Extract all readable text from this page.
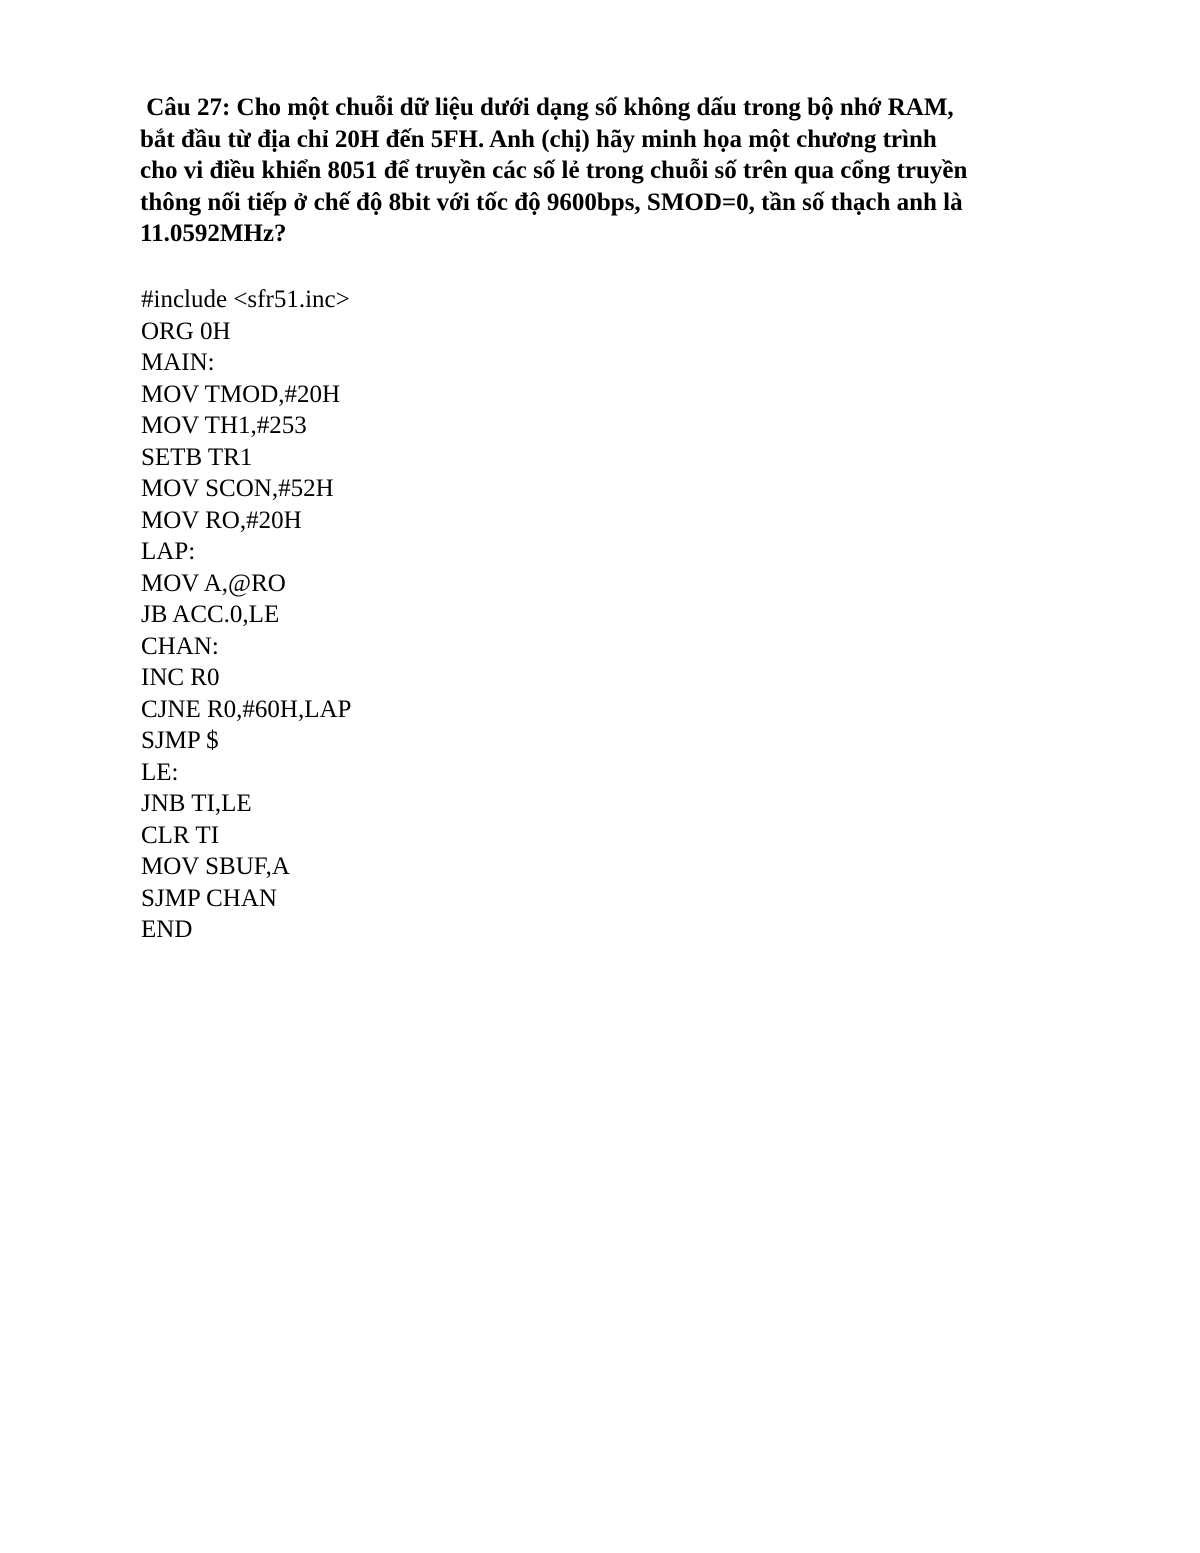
Câu 27: Cho một chuỗi dữ liệu dưới dạng số không dấu trong bộ nhớ RAM,
bắt đầu từ địa chỉ 20H đến 5FH. Anh (chị) hãy minh họa một chương trình
cho vi điều khiển 8051 để truyền các số lẻ trong chuỗi số trên qua cổng truyền
thông nối tiếp ở chế độ 8bit với tốc độ 9600bps, SMOD=0, tần số thạch anh là
11.0592MHz?
#include <sfr51.inc>
ORG 0H
MAIN:
MOV TMOD,#20H
MOV TH1,#253
SETB TR1
MOV SCON,#52H
MOV RO,#20H
LAP:
MOV A,@RO
JB ACC.0,LE
CHAN:
INC R0
CJNE R0,#60H,LAP
SJMP $
LE:
JNB TI,LE
CLR TI
MOV SBUF,A
SJMP CHAN
END
